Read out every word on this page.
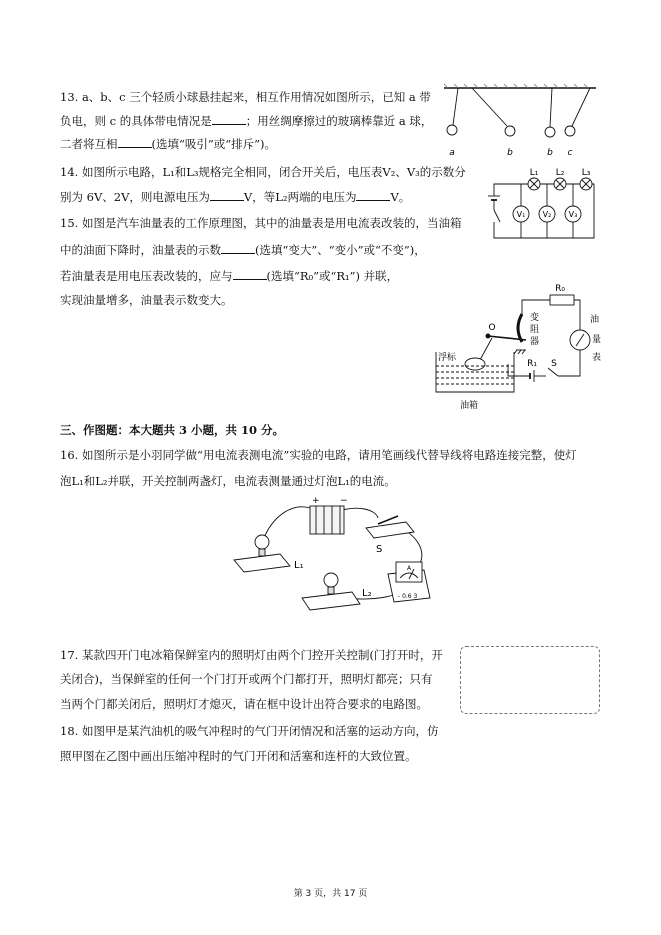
13. a、b、c 三个轻质小球悬挂起来，相互作用情况如图所示，已知 a 带
负电，则 c 的具体带电情况是	；用丝绸摩擦过的玻璃棒靠近 a 球，
二者将互相	(选填“吸引”或“排斥”)。
a	b	b c
14. 如图所示电路，L₁和L₃规格完全相同，闭合开关后，电压表V₂、V₃的示数分
别为 6V、2V，则电源电压为	V，等L₂两端的电压为	V。
L₁ L₂ L₃
V₁ V₂ V₃
15. 如图是汽车油量表的工作原理图，其中的油量表是用电流表改装的，当油箱
中的油面下降时，油量表的示数	(选填“变大”、“变小”或“不变”)，
若油量表是用电压表改装的，应与	(选填“R₀”或“R₁”) 并联，
实现油量增多，油量表示数变大。
R₀
O
变
阻
器
R₁ S
油
量
表
浮标
油箱
三、作图题：本大题共 3 小题，共 10 分。
16. 如图所示是小羽同学做“用电流表测电流”实验的电路，请用笔画线代替导线将电路连接完整，使灯
泡L₁和L₂并联，开关控制两盏灯，电流表测量通过灯泡L₁的电流。
+ −
S
L₁
L₂
A
- 0.6 3
17. 某款四开门电冰箱保鲜室内的照明灯由两个门控开关控制(门打开时，开
关闭合)，当保鲜室的任何一个门打开或两个门都打开，照明灯都亮；只有
当两个门都关闭后，照明灯才熄灭，请在框中设计出符合要求的电路图。
18. 如图甲是某汽油机的吸气冲程时的气门开闭情况和活塞的运动方向，仿
照甲图在乙图中画出压缩冲程时的气门开闭和活塞和连杆的大致位置。
第 3 页，共 17 页
